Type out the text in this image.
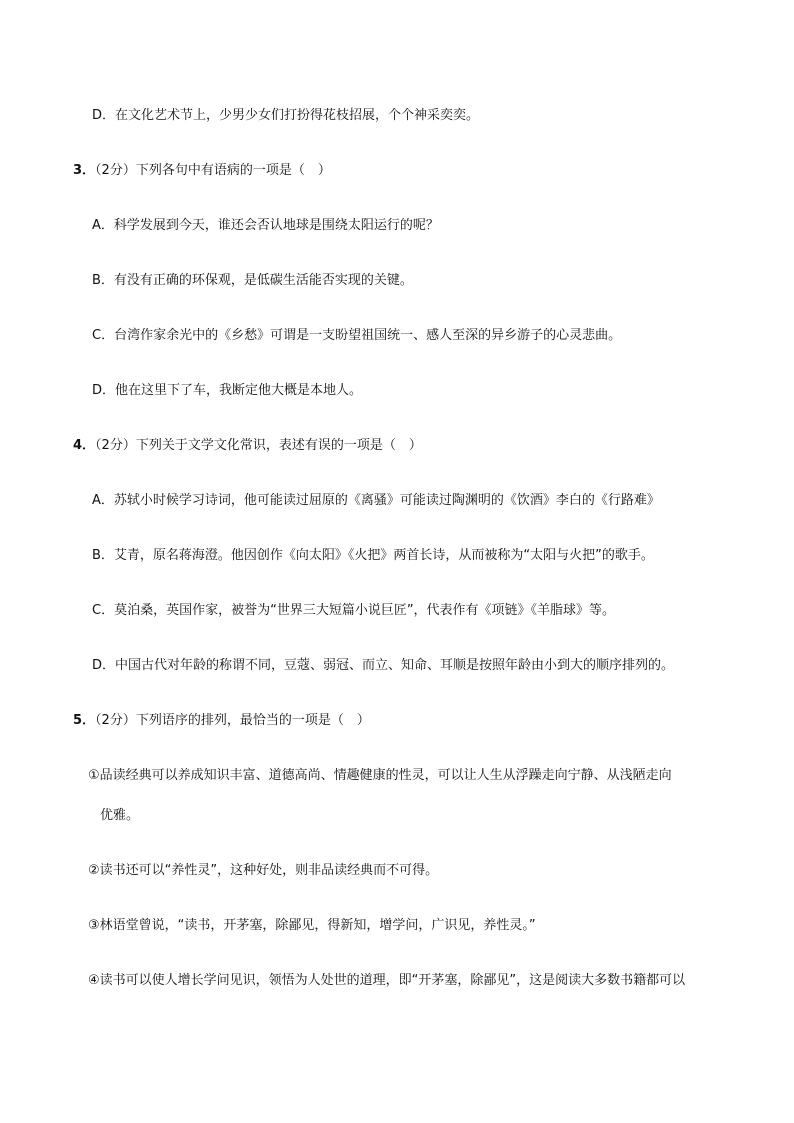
D．在文化艺术节上，少男少女们打扮得花枝招展，个个神采奕奕。
3．（2分）下列各句中有语病的一项是（　）
A．科学发展到今天，谁还会否认地球是围绕太阳运行的呢？
B．有没有正确的环保观，是低碳生活能否实现的关键。
C．台湾作家余光中的《乡愁》可谓是一支盼望祖国统一、感人至深的异乡游子的心灵悲曲。
D．他在这里下了车，我断定他大概是本地人。
4．（2分）下列关于文学文化常识，表述有误的一项是（　）
A．苏轼小时候学习诗词，他可能读过屈原的《离骚》可能读过陶渊明的《饮酒》李白的《行路难》
B．艾青，原名蒋海澄。他因创作《向太阳》《火把》两首长诗，从而被称为“太阳与火把”的歌手。
C．莫泊桑，英国作家，被誉为“世界三大短篇小说巨匠”，代表作有《项链》《羊脂球》等。
D．中国古代对年龄的称谓不同，豆蔻、弱冠、而立、知命、耳顺是按照年龄由小到大的顺序排列的。
5．（2分）下列语序的排列，最恰当的一项是（　）
①品读经典可以养成知识丰富、道德高尚、情趣健康的性灵，可以让人生从浮躁走向宁静、从浅陋走向
优雅。
②读书还可以“养性灵”，这种好处，则非品读经典而不可得。
③林语堂曾说，“读书，开茅塞，除鄙见，得新知，增学问，广识见，养性灵。”
④读书可以使人增长学问见识，领悟为人处世的道理，即“开茅塞，除鄙见”，这是阅读大多数书籍都可以
